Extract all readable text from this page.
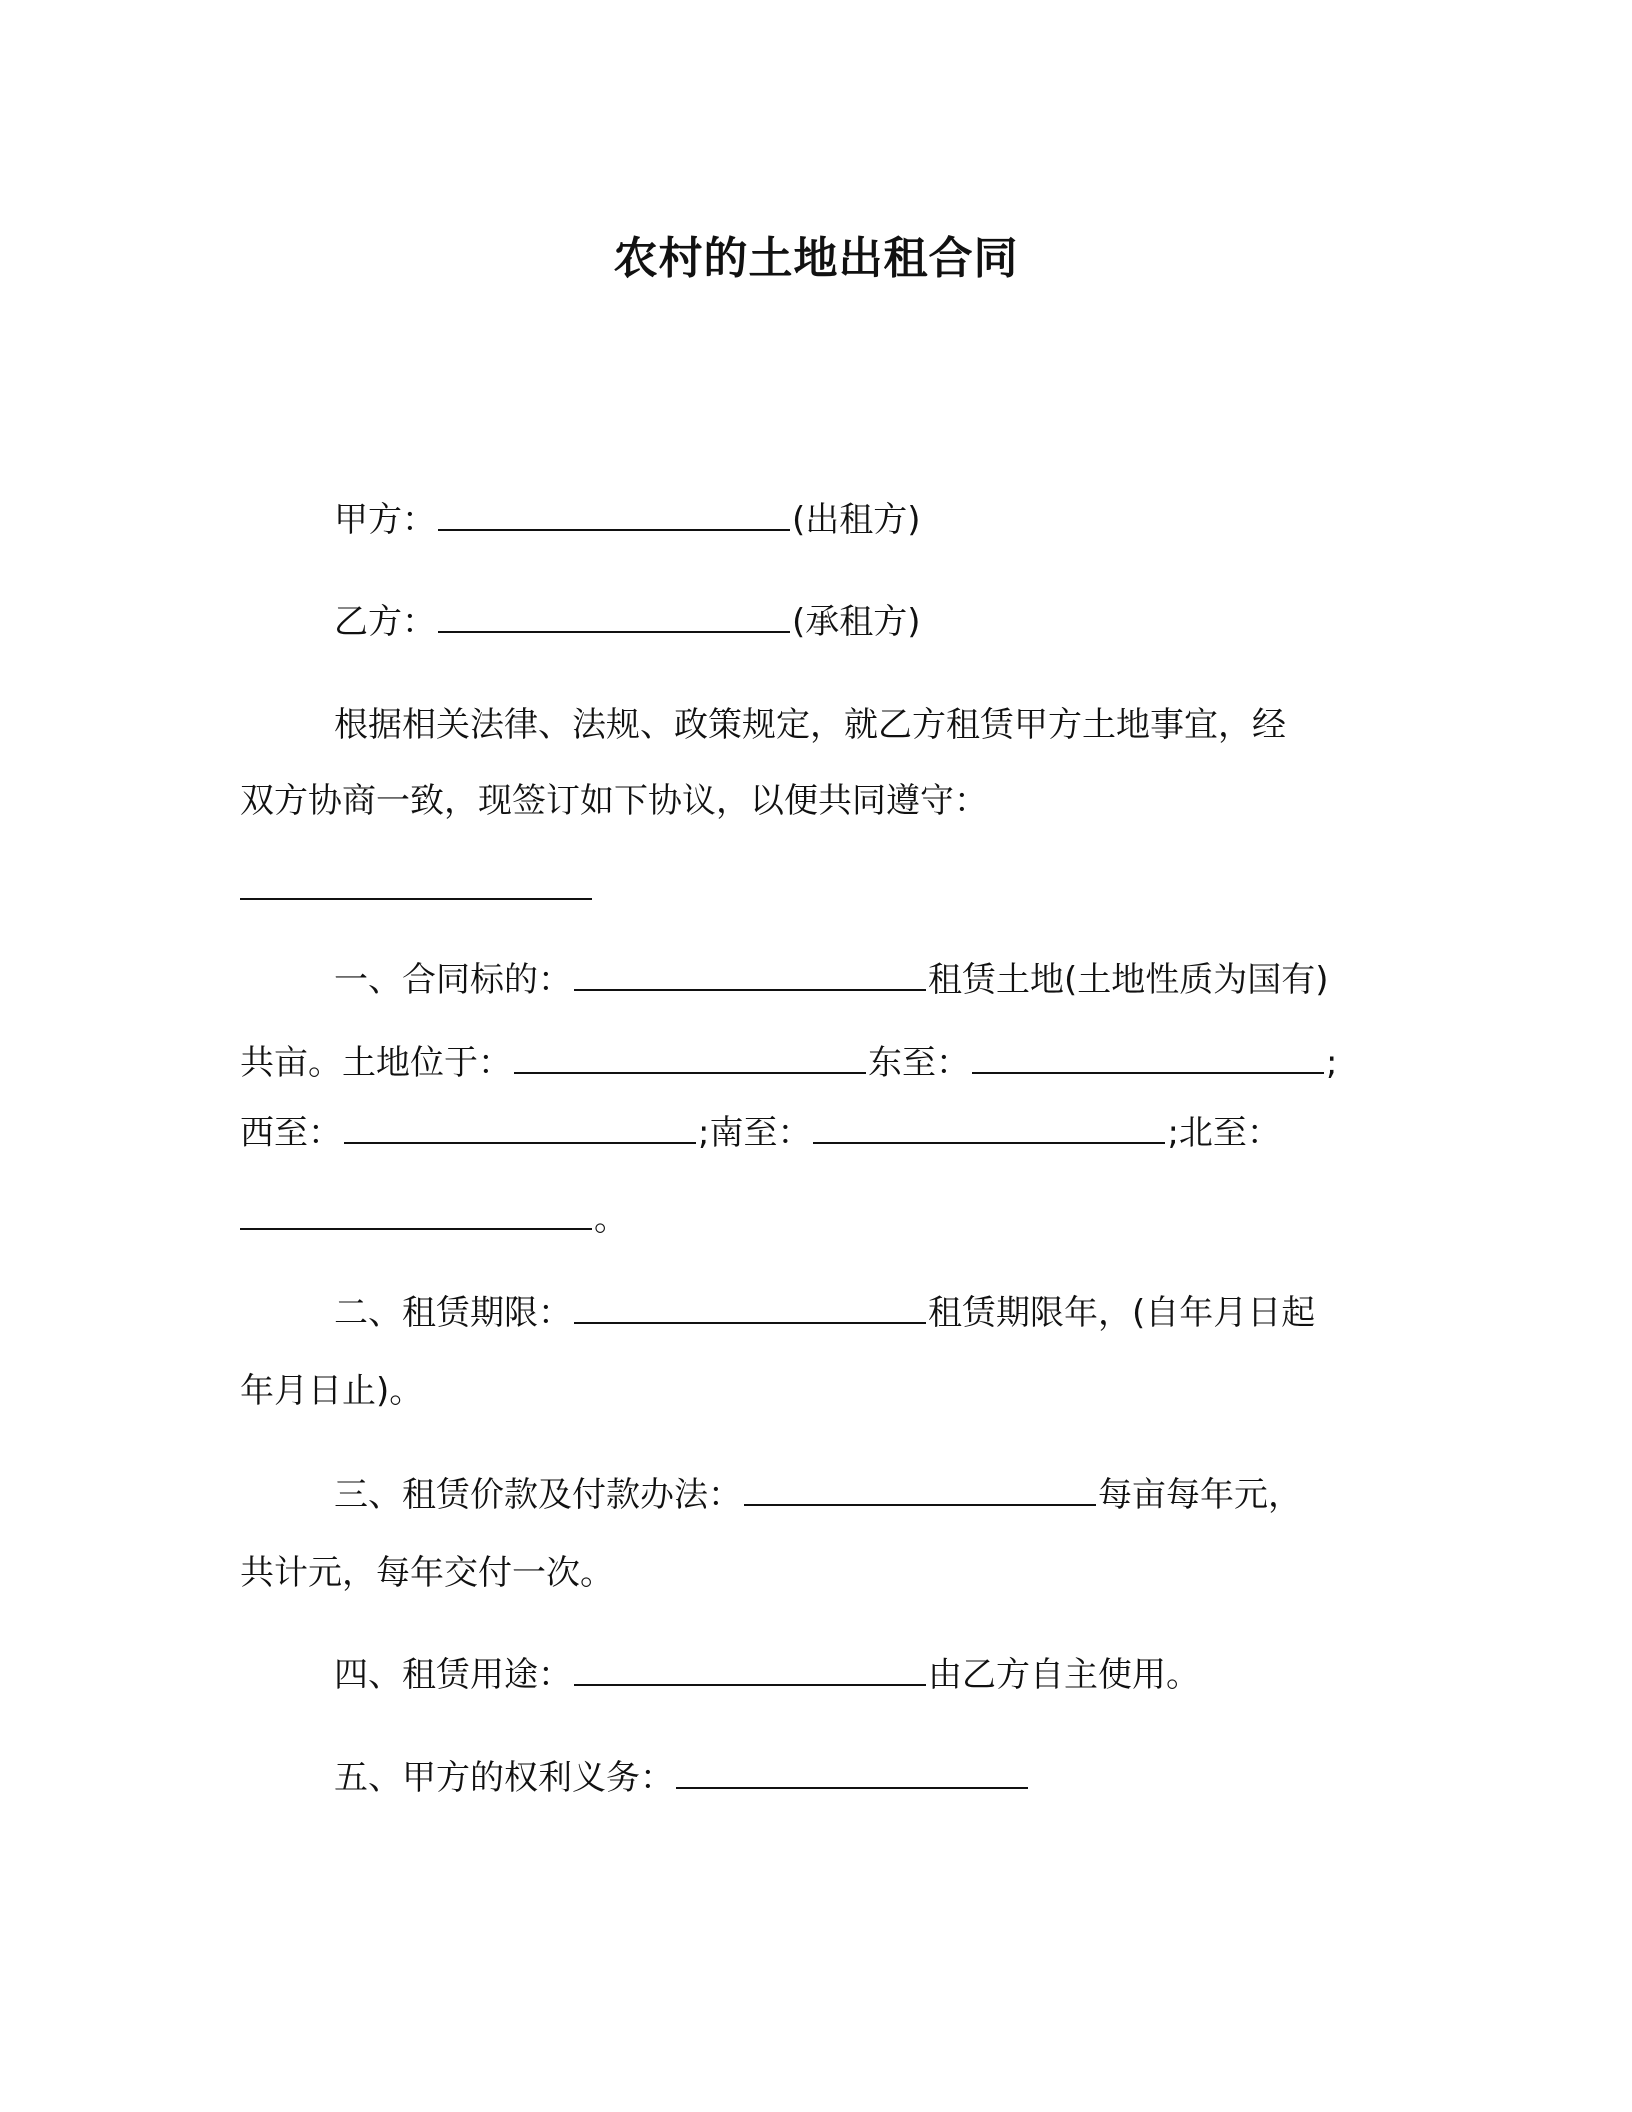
农村的土地出租合同
甲方：	(出租方)
乙方：	(承租方)
根据相关法律、法规、政策规定，就乙方租赁甲方土地事宜，经
双方协商一致，现签订如下协议，以便共同遵守：
一、合同标的：	租赁土地(土地性质为国有)
共亩。土地位于：	东至：	;
西至：	;南至：	;北至：
。
二、租赁期限：	租赁期限年，(自年月日起
年月日止)。
三、租赁价款及付款办法：	每亩每年元，
共计元，每年交付一次。
四、租赁用途：	由乙方自主使用。
五、甲方的权利义务：
